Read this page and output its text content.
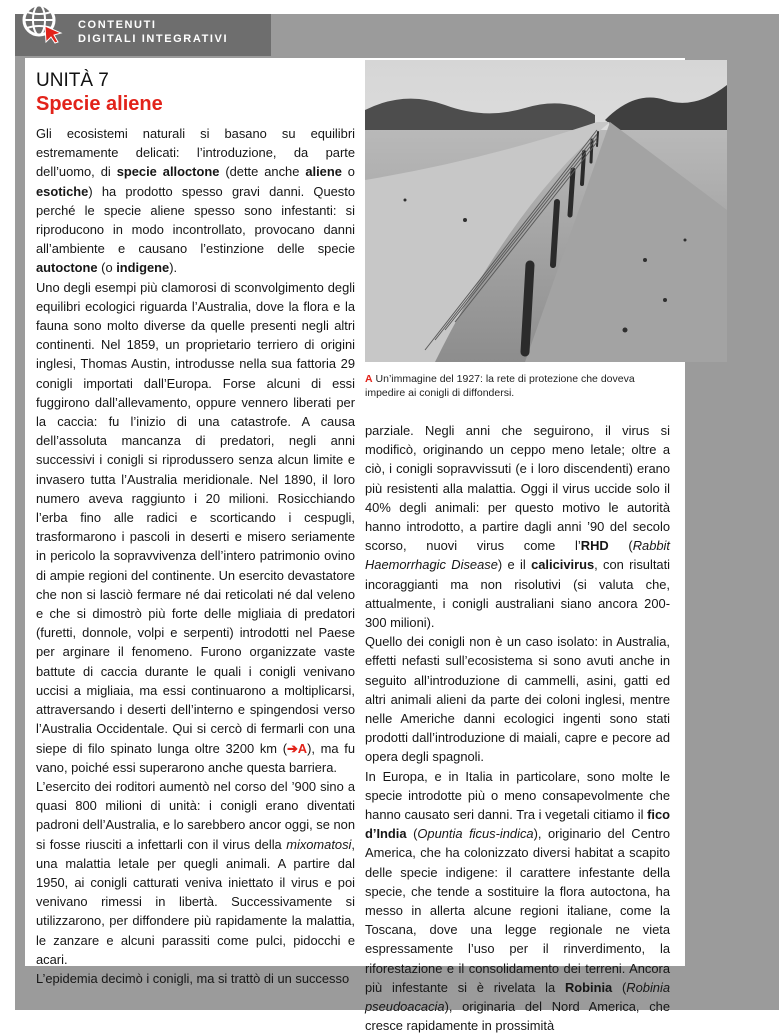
CONTENUTI
DIGITALI INTEGRATIVI
UNITÀ 7
Specie aliene
A Un’immagine del 1927: la rete di protezione che doveva impedire ai conigli di diffondersi.

Gli ecosistemi naturali si basano su equilibri estremamente delicati: l’introduzione, da parte dell’uomo, di specie alloctone (dette anche aliene o esotiche) ha prodotto spesso gravi danni. Questo perché le specie aliene spesso sono infestanti: si riproducono in modo incontrollato, provocano danni all’ambiente e causano l’estinzione delle specie autoctone (o indigene).

Uno degli esempi più clamorosi di sconvolgimento degli equilibri ecologici riguarda l’Australia, dove la flora e la fauna sono molto diverse da quelle presenti negli altri continenti. Nel 1859, un proprietario terriero di origini inglesi, Thomas Austin, introdusse nella sua fattoria 29 conigli importati dall’Europa. Forse alcuni di essi fuggirono dall’allevamento, oppure vennero liberati per la caccia: fu l’inizio di una catastrofe. A causa dell’assoluta mancanza di predatori, negli anni successivi i conigli si riprodussero senza alcun limite e invasero tutta l’Australia meridionale. Nel 1890, il loro numero aveva raggiunto i 20 milioni. Rosicchiando l’erba fino alle radici e scorticando i cespugli, trasformarono i pascoli in deserti e misero seriamente in pericolo la sopravvivenza dell’intero patrimonio ovino di ampie regioni del continente. Un esercito devastatore che non si lasciò fermare né dai reticolati né dal veleno e che si dimostrò più forte delle migliaia di predatori (furetti, donnole, volpi e serpenti) introdotti nel Paese per arginare il fenomeno. Furono organizzate vaste battute di caccia durante le quali i conigli venivano uccisi a migliaia, ma essi continuarono a moltiplicarsi, attraversando i deserti dell’interno e spingendosi verso l’Australia Occidentale. Qui si cercò di fermarli con una siepe di filo spinato lunga oltre 3200 km (➔A), ma fu vano, poiché essi superarono anche questa barriera.

L’esercito dei roditori aumentò nel corso del ’900 sino a quasi 800 milioni di unità: i conigli erano diventati padroni dell’Australia, e lo sarebbero ancor oggi, se non si fosse riusciti a infettarli con il virus della mixomatosi, una malattia letale per quegli animali. A partire dal 1950, ai conigli catturati veniva iniettato il virus e poi venivano rimessi in libertà. Successivamente si utilizzarono, per diffondere più rapidamente la malattia, le zanzare e alcuni parassiti come pulci, pidocchi e acari.

L’epidemia decimò i conigli, ma si trattò di un successo

parziale. Negli anni che seguirono, il virus si modificò, originando un ceppo meno letale; oltre a ciò, i conigli sopravvissuti (e i loro discendenti) erano più resistenti alla malattia. Oggi il virus uccide solo il 40% degli animali: per questo motivo le autorità hanno introdotto, a partire dagli anni ’90 del secolo scorso, nuovi virus come l’RHD (Rabbit Haemorrhagic Disease) e il calicivirus, con risultati incoraggianti ma non risolutivi (si valuta che, attualmente, i conigli australiani siano ancora 200-300 milioni).

Quello dei conigli non è un caso isolato: in Australia, effetti nefasti sull’ecosistema si sono avuti anche in seguito all’introduzione di cammelli, asini, gatti ed altri animali alieni da parte dei coloni inglesi, mentre nelle Americhe danni ecologici ingenti sono stati prodotti dall’introduzione di maiali, capre e pecore ad opera degli spagnoli.

In Europa, e in Italia in particolare, sono molte le specie introdotte più o meno consapevolmente che hanno causato seri danni. Tra i vegetali citiamo il fico d’India (Opuntia ficus-indica), originario del Centro America, che ha colonizzato diversi habitat a scapito delle specie indigene: il carattere infestante della specie, che tende a sostituire la flora autoctona, ha messo in allerta alcune regioni italiane, come la Toscana, dove una legge regionale ne vieta espressamente l’uso per il rinverdimento, la riforestazione e il consolidamento dei terreni. Ancora più infestante si è rivelata la Robinia (Robinia pseudoacacia), originaria del Nord America, che cresce rapidamente in prossimità
